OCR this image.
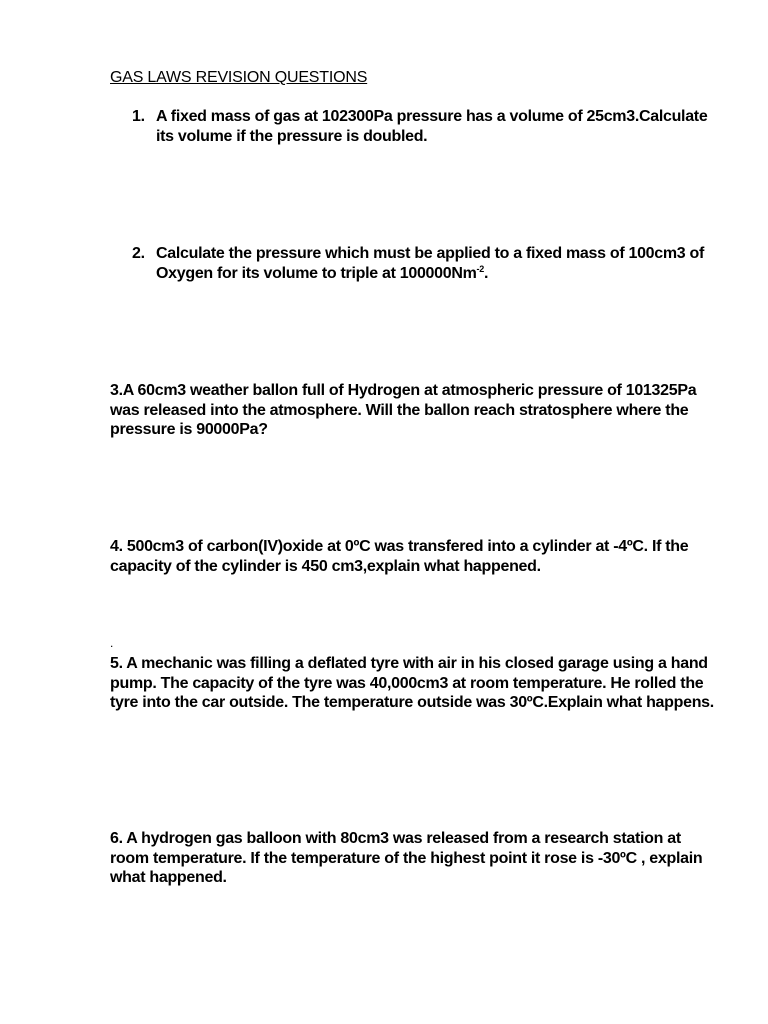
GAS LAWS REVISION QUESTIONS
1. A fixed mass of gas at 102300Pa pressure has a volume of 25cm3.Calculate its volume if the pressure is doubled.
2. Calculate the pressure which must be applied to a fixed mass of 100cm3 of Oxygen for its volume to triple at $100000Nm^{-2}$.
3.A 60cm3 weather ballon full of Hydrogen at atmospheric pressure of 101325Pa was released into the atmosphere. Will the ballon reach stratosphere where the pressure is 90000Pa?
4. 500cm3 of carbon(IV)oxide at 0ºC was transfered into a cylinder at -4ºC. If the capacity of the cylinder is 450 cm3,explain what happened.
.
5. A mechanic was filling a deflated tyre with air in his closed garage using a hand pump. The capacity of the tyre was 40,000cm3 at room temperature. He rolled the tyre into the car outside. The temperature outside was 30ºC.Explain what happens.
6. A hydrogen gas balloon with 80cm3 was released from a research station at room temperature. If the temperature of the highest point it rose is -30ºC , explain what happened.
